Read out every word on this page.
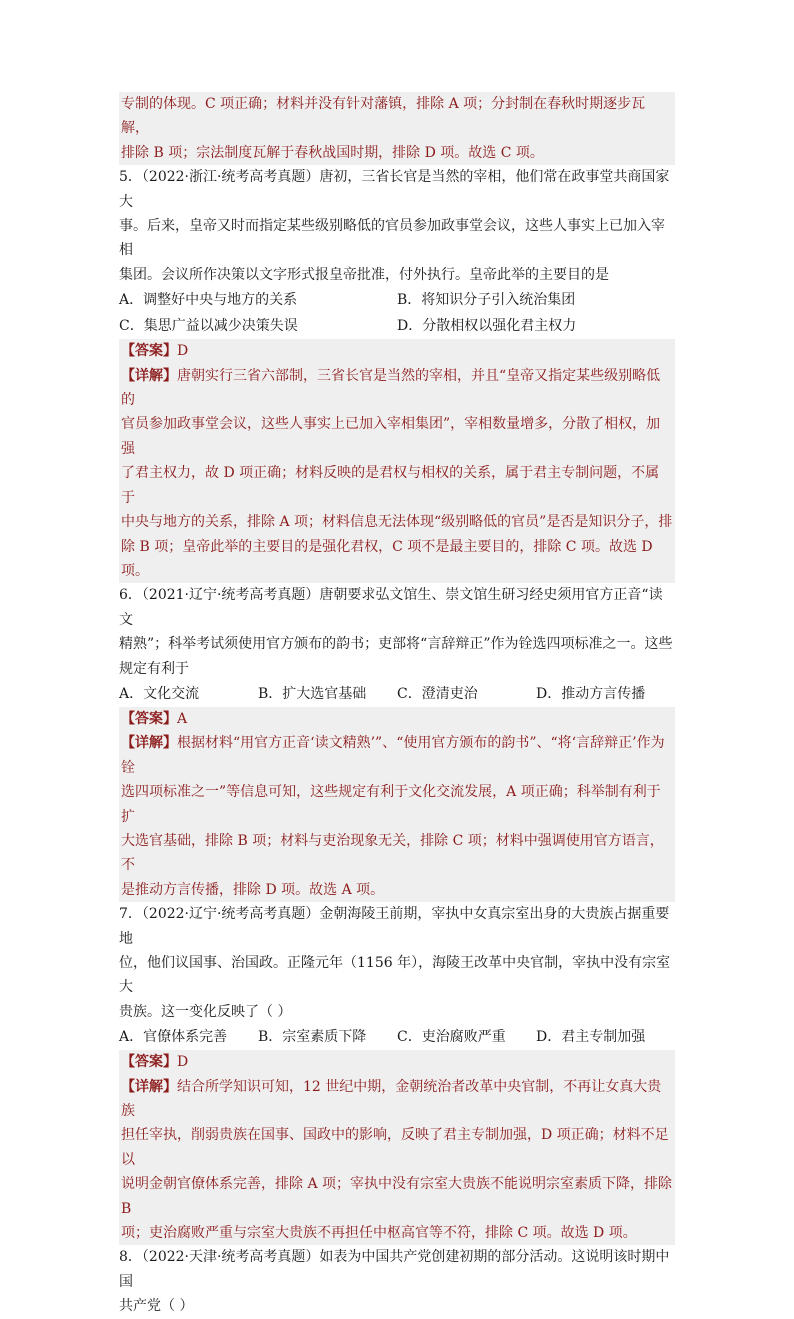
专制的体现。C 项正确；材料并没有针对藩镇，排除 A 项；分封制在春秋时期逐步瓦解，
排除 B 项；宗法制度瓦解于春秋战国时期，排除 D 项。故选 C 项。
5．（2022·浙江·统考高考真题）唐初，三省长官是当然的宰相，他们常在政事堂共商国家大
事。后来，皇帝又时而指定某些级别略低的官员参加政事堂会议，这些人事实上已加入宰相
集团。会议所作决策以文字形式报皇帝批准，付外执行。皇帝此举的主要目的是
A．调整好中央与地方的关系	B．将知识分子引入统治集团
C．集思广益以减少决策失误	D．分散相权以强化君主权力
【答案】D
【详解】唐朝实行三省六部制，三省长官是当然的宰相，并且“皇帝又指定某些级别略低的
官员参加政事堂会议，这些人事实上已加入宰相集团”，宰相数量增多，分散了相权，加强
了君主权力，故 D 项正确；材料反映的是君权与相权的关系，属于君主专制问题，不属于
中央与地方的关系，排除 A 项；材料信息无法体现“级别略低的官员”是否是知识分子，排
除 B 项；皇帝此举的主要目的是强化君权，C 项不是最主要目的，排除 C 项。故选 D 项。
6．（2021·辽宁·统考高考真题）唐朝要求弘文馆生、崇文馆生研习经史须用官方正音“读文
精熟”；科举考试须使用官方颁布的韵书；吏部将“言辞辩正”作为铨选四项标准之一。这些
规定有利于
A．文化交流	B．扩大选官基础	C．澄清吏治	D．推动方言传播
【答案】A
【详解】根据材料“用官方正音‘读文精熟’”、“使用官方颁布的韵书”、“将‘言辞辩正’作为铨
选四项标准之一”等信息可知，这些规定有利于文化交流发展，A 项正确；科举制有利于扩
大选官基础，排除 B 项；材料与吏治现象无关，排除 C 项；材料中强调使用官方语言，不
是推动方言传播，排除 D 项。故选 A 项。
7．（2022·辽宁·统考高考真题）金朝海陵王前期，宰执中女真宗室出身的大贵族占据重要地
位，他们议国事、治国政。正隆元年（1156 年），海陵王改革中央官制，宰执中没有宗室大
贵族。这一变化反映了（ ）
A．官僚体系完善	B．宗室素质下降	C．吏治腐败严重	D．君主专制加强
【答案】D
【详解】结合所学知识可知，12 世纪中期，金朝统治者改革中央官制，不再让女真大贵族
担任宰执，削弱贵族在国事、国政中的影响，反映了君主专制加强，D 项正确；材料不足以
说明金朝官僚体系完善，排除 A 项；宰执中没有宗室大贵族不能说明宗室素质下降，排除 B
项；吏治腐败严重与宗室大贵族不再担任中枢高官等不符，排除 C 项。故选 D 项。
8．（2022·天津·统考高考真题）如表为中国共产党创建初期的部分活动。这说明该时期中国
共产党（ ）
